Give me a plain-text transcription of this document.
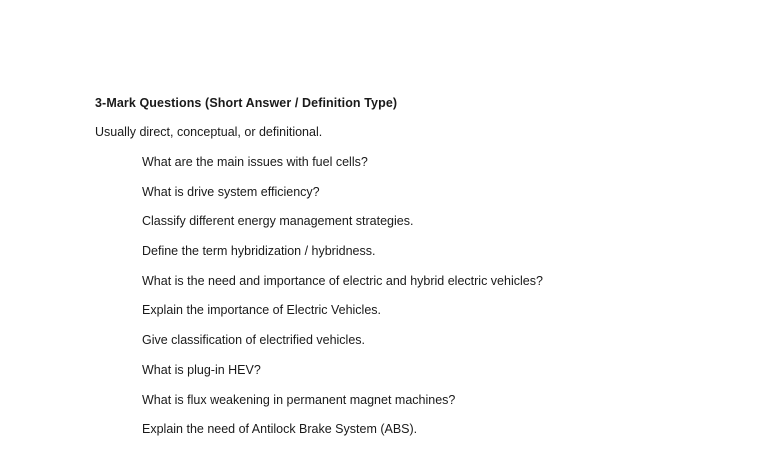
3-Mark Questions (Short Answer / Definition Type)
Usually direct, conceptual, or definitional.
What are the main issues with fuel cells?
What is drive system efficiency?
Classify different energy management strategies.
Define the term hybridization / hybridness.
What is the need and importance of electric and hybrid electric vehicles?
Explain the importance of Electric Vehicles.
Give classification of electrified vehicles.
What is plug-in HEV?
What is flux weakening in permanent magnet machines?
Explain the need of Antilock Brake System (ABS).
